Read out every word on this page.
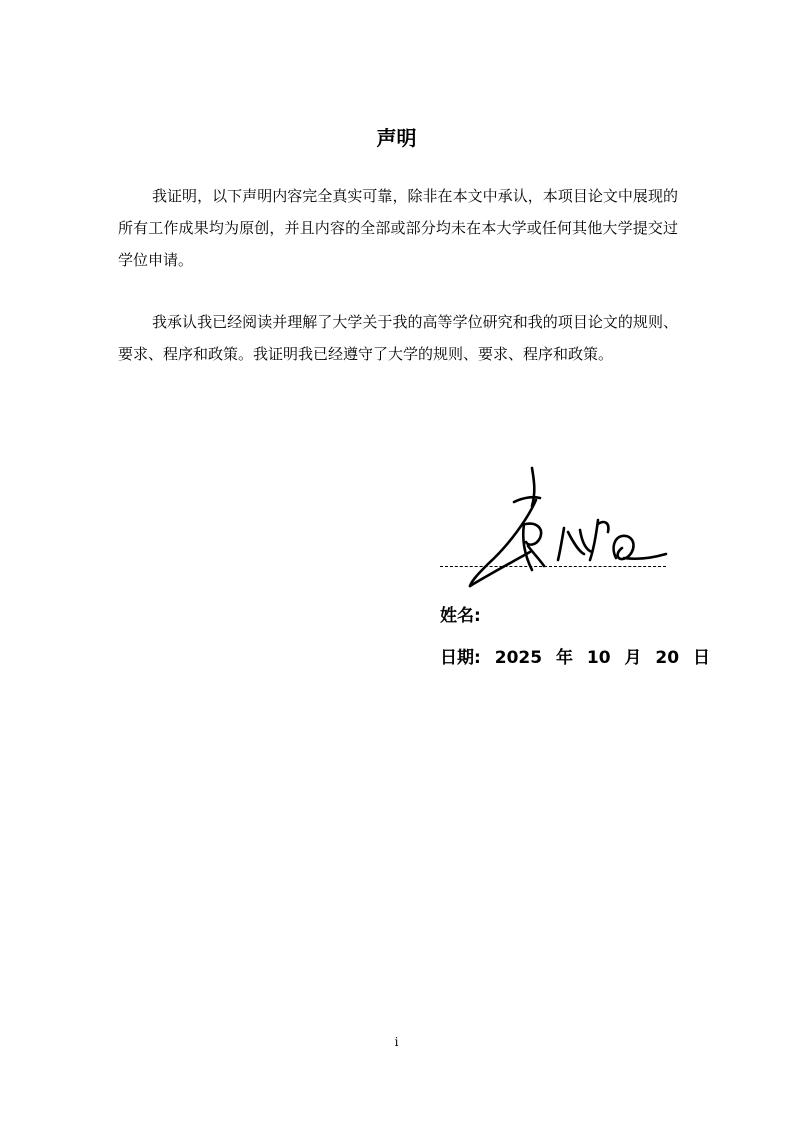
声明

我证明，以下声明内容完全真实可靠，除非在本文中承认，本项目论文中展现的所有工作成果均为原创，并且内容的全部或部分均未在本大学或任何其他大学提交过学位申请。

我承认我已经阅读并理解了大学关于我的高等学位研究和我的项目论文的规则、要求、程序和政策。我证明我已经遵守了大学的规则、要求、程序和政策。

姓名:
日期: 2025 年 10 月 20 日
i
